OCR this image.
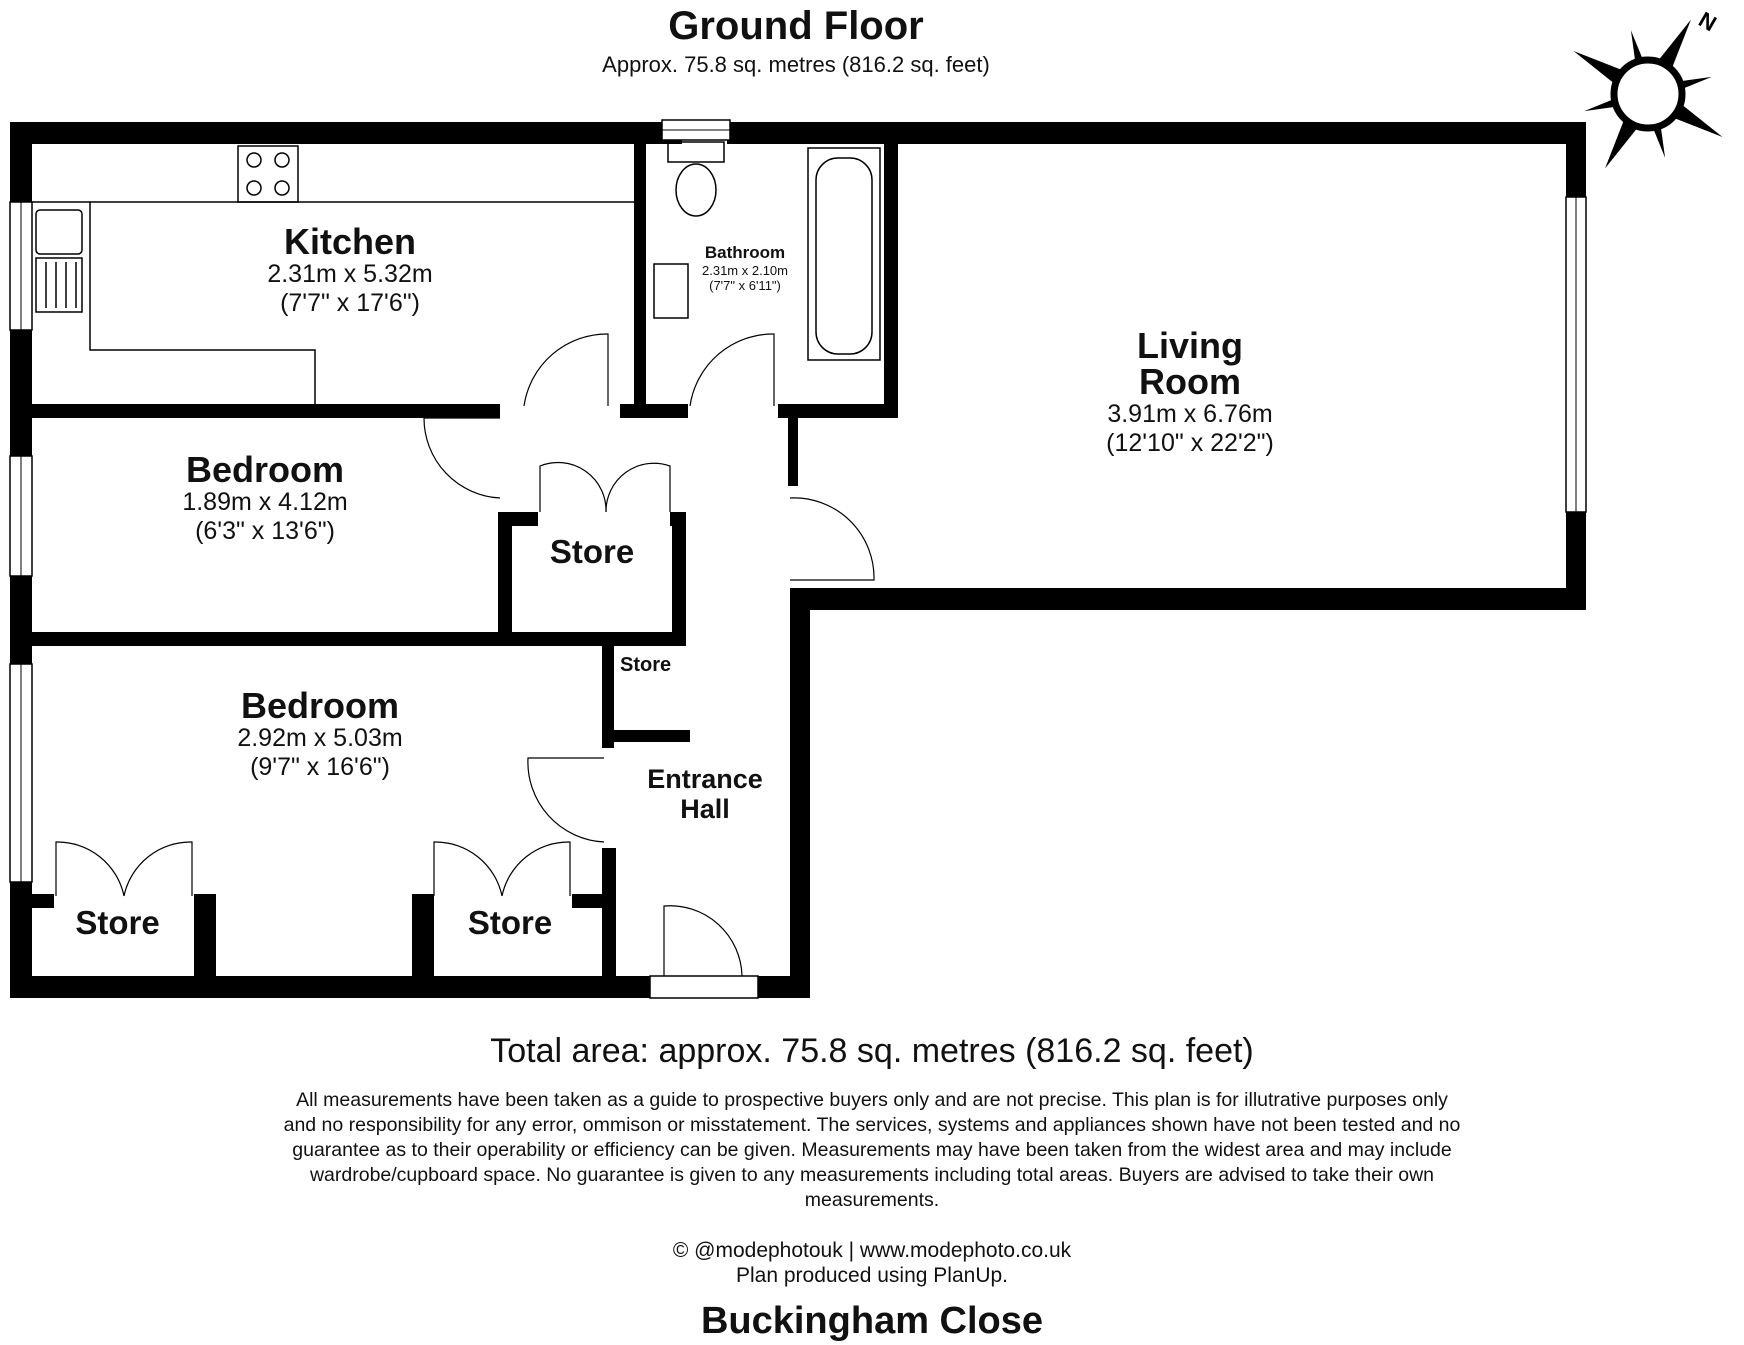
Ground Floor
Approx. 75.8 sq. metres (816.2 sq. feet)
N
Kitchen
2.31m x 5.32m
(7'7" x 17'6")
Bathroom
2.31m x 2.10m
(7'7" x 6'11")
Living
Room
3.91m x 6.76m
(12'10" x 22'2")
Bedroom
1.89m x 4.12m
(6'3" x 13'6")
Store
Store
Bedroom
2.92m x 5.03m
(9'7" x 16'6")	Entrance
Hall
Store	Store
Total area: approx. 75.8 sq. metres (816.2 sq. feet)
All measurements have been taken as a guide to prospective buyers only and are not precise. This plan is for illutrative purposes only
and no responsibility for any error, ommison or misstatement. The services, systems and appliances shown have not been tested and no
guarantee as to their operability or efficiency can be given. Measurements may have been taken from the widest area and may include
wardrobe/cupboard space. No guarantee is given to any measurements including total areas. Buyers are advised to take their own
measurements.
© @modephotouk | www.modephoto.co.uk
Plan produced using PlanUp.
Buckingham Close
